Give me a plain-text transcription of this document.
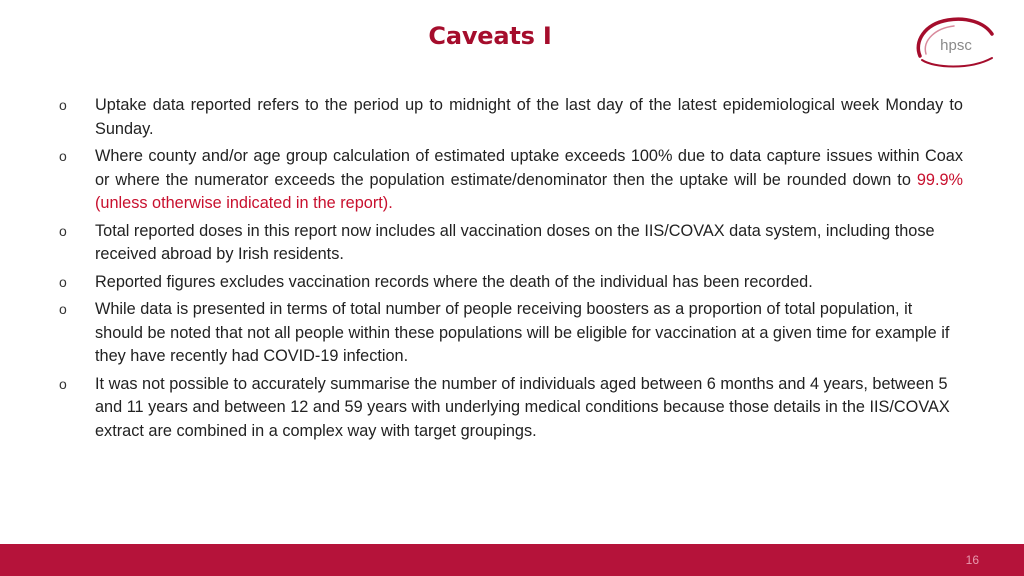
Caveats I	hpsc
o Uptake data reported refers to the period up to midnight of the last day of the latest epidemiological week Monday to Sunday.
o Where county and/or age group calculation of estimated uptake exceeds 100% due to data capture issues within Coax or where the numerator exceeds the population estimate/denominator then the uptake will be rounded down to 99.9% (unless otherwise indicated in the report).
o Total reported doses in this report now includes all vaccination doses on the IIS/COVAX data system, including those received abroad by Irish residents.
o Reported figures excludes vaccination records where the death of the individual has been recorded.
o While data is presented in terms of total number of people receiving boosters as a proportion of total population, it should be noted that not all people within these populations will be eligible for vaccination at a given time for example if they have recently had COVID-19 infection.
o It was not possible to accurately summarise the number of individuals aged between 6 months and 4 years, between 5 and 11 years and between 12 and 59 years with underlying medical conditions because those details in the IIS/COVAX extract are combined in a complex way with target groupings.
16
